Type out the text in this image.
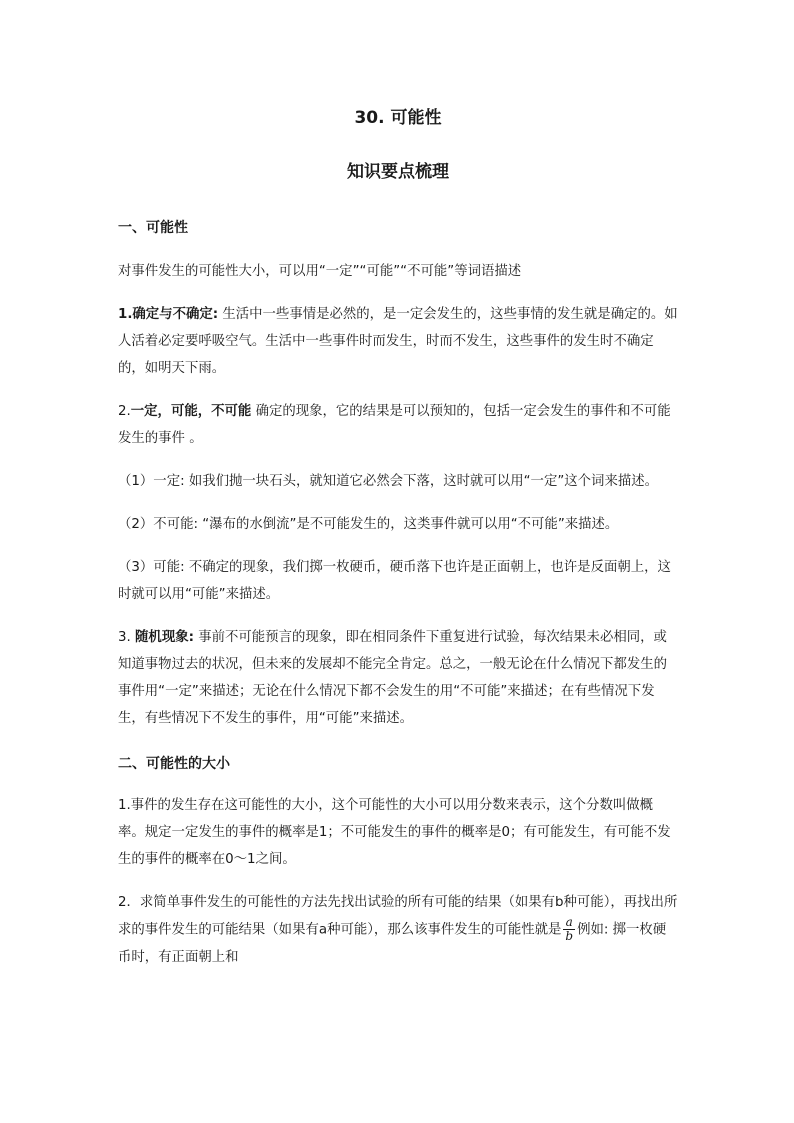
30. 可能性

知识要点梳理

一、可能性

对事件发生的可能性大小，可以用“一定”“可能”“不可能”等词语描述

1.确定与不确定: 生活中一些事情是必然的，是一定会发生的，这些事情的发生就是确定的。如人活着必定要呼吸空气。生活中一些事件时而发生，时而不发生，这些事件的发生时不确定的，如明天下雨。

2.一定，可能，不可能 确定的现象，它的结果是可以预知的，包括一定会发生的事件和不可能发生的事件 。

（1）一定: 如我们抛一块石头，就知道它必然会下落，这时就可以用“一定”这个词来描述。

（2）不可能: “瀑布的水倒流”是不可能发生的，这类事件就可以用“不可能”来描述。

（3）可能: 不确定的现象，我们掷一枚硬币，硬币落下也许是正面朝上，也许是反面朝上，这时就可以用“可能”来描述。

3. 随机现象: 事前不可能预言的现象，即在相同条件下重复进行试验，每次结果未必相同，或知道事物过去的状况，但未来的发展却不能完全肯定。总之，一般无论在什么情况下都发生的事件用“一定”来描述；无论在什么情况下都不会发生的用“不可能”来描述；在有些情况下发生，有些情况下不发生的事件，用“可能”来描述。

二、可能性的大小

1.事件的发生存在这可能性的大小，这个可能性的大小可以用分数来表示，这个分数叫做概率。规定一定发生的事件的概率是1；不可能发生的事件的概率是0；有可能发生，有可能不发生的事件的概率在0～1之间。

2．求简单事件发生的可能性的方法先找出试验的所有可能的结果（如果有b种可能），再找出所求的事件发生的可能结果（如果有a种可能），那么该事件发生的可能性就是 $\frac{a}{b}$ 例如: 掷一枚硬币时，有正面朝上和
